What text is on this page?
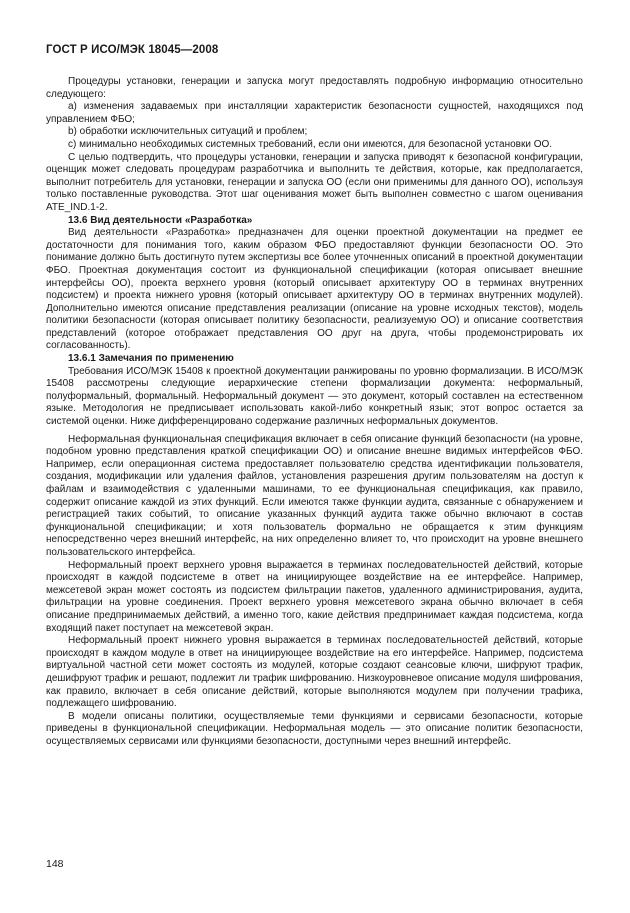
ГОСТ Р ИСО/МЭК 18045—2008

Процедуры установки, генерации и запуска могут предоставлять подробную информацию относительно следующего:

a) изменения задаваемых при инсталляции характеристик безопасности сущностей, находящихся под управлением ФБО;

b) обработки исключительных ситуаций и проблем;

c) минимально необходимых системных требований, если они имеются, для безопасной установки ОО.

С целью подтвердить, что процедуры установки, генерации и запуска приводят к безопасной конфигурации, оценщик может следовать процедурам разработчика и выполнить те действия, которые, как предполагается, выполнит потребитель для установки, генерации и запуска ОО (если они применимы для данного ОО), используя только поставленные руководства. Этот шаг оценивания может быть выполнен совместно с шагом оценивания ATE_IND.1-2.

13.6 Вид деятельности «Разработка»

Вид деятельности «Разработка» предназначен для оценки проектной документации на предмет ее достаточности для понимания того, каким образом ФБО предоставляют функции безопасности ОО. Это понимание должно быть достигнуто путем экспертизы все более уточненных описаний в проектной документации ФБО. Проектная документация состоит из функциональной спецификации (которая описывает внешние интерфейсы ОО), проекта верхнего уровня (который описывает архитектуру ОО в терминах внутренних подсистем) и проекта нижнего уровня (который описывает архитектуру ОО в терминах внутренних модулей). Дополнительно имеются описание представления реализации (описание на уровне исходных текстов), модель политики безопасности (которая описывает политику безопасности, реализуемую ОО) и описание соответствия представлений (которое отображает представления ОО друг на друга, чтобы продемонстрировать их согласованность).

13.6.1 Замечания по применению

Требования ИСО/МЭК 15408 к проектной документации ранжированы по уровню формализации. В ИСО/МЭК 15408 рассмотрены следующие иерархические степени формализации документа: неформальный, полуформальный, формальный. Неформальный документ — это документ, который составлен на естественном языке. Методология не предписывает использовать какой-либо конкретный язык; этот вопрос остается за системой оценки. Ниже дифференцировано содержание различных неформальных документов.

Неформальная функциональная спецификация включает в себя описание функций безопасности (на уровне, подобном уровню представления краткой спецификации ОО) и описание внешне видимых интерфейсов ФБО. Например, если операционная система предоставляет пользователю средства идентификации пользователя, создания, модификации или удаления файлов, установления разрешения другим пользователям на доступ к файлам и взаимодействия с удаленными машинами, то ее функциональная спецификация, как правило, содержит описание каждой из этих функций. Если имеются также функции аудита, связанные с обнаружением и регистрацией таких событий, то описание указанных функций аудита также обычно включают в состав функциональной спецификации; и хотя пользователь формально не обращается к этим функциям непосредственно через внешний интерфейс, на них определенно влияет то, что происходит на уровне внешнего пользовательского интерфейса.

Неформальный проект верхнего уровня выражается в терминах последовательностей действий, которые происходят в каждой подсистеме в ответ на инициирующее воздействие на ее интерфейсе. Например, межсетевой экран может состоять из подсистем фильтрации пакетов, удаленного администрирования, аудита, фильтрации на уровне соединения. Проект верхнего уровня межсетевого экрана обычно включает в себя описание предпринимаемых действий, а именно того, какие действия предпринимает каждая подсистема, когда входящий пакет поступает на межсетевой экран.

Неформальный проект нижнего уровня выражается в терминах последовательностей действий, которые происходят в каждом модуле в ответ на инициирующее воздействие на его интерфейсе. Например, подсистема виртуальной частной сети может состоять из модулей, которые создают сеансовые ключи, шифруют трафик, дешифруют трафик и решают, подлежит ли трафик шифрованию. Низкоуровневое описание модуля шифрования, как правило, включает в себя описание действий, которые выполняются модулем при получении трафика, подлежащего шифрованию.

В модели описаны политики, осуществляемые теми функциями и сервисами безопасности, которые приведены в функциональной спецификации. Неформальная модель — это описание политик безопасности, осуществляемых сервисами или функциями безопасности, доступными через внешний интерфейс.

148
